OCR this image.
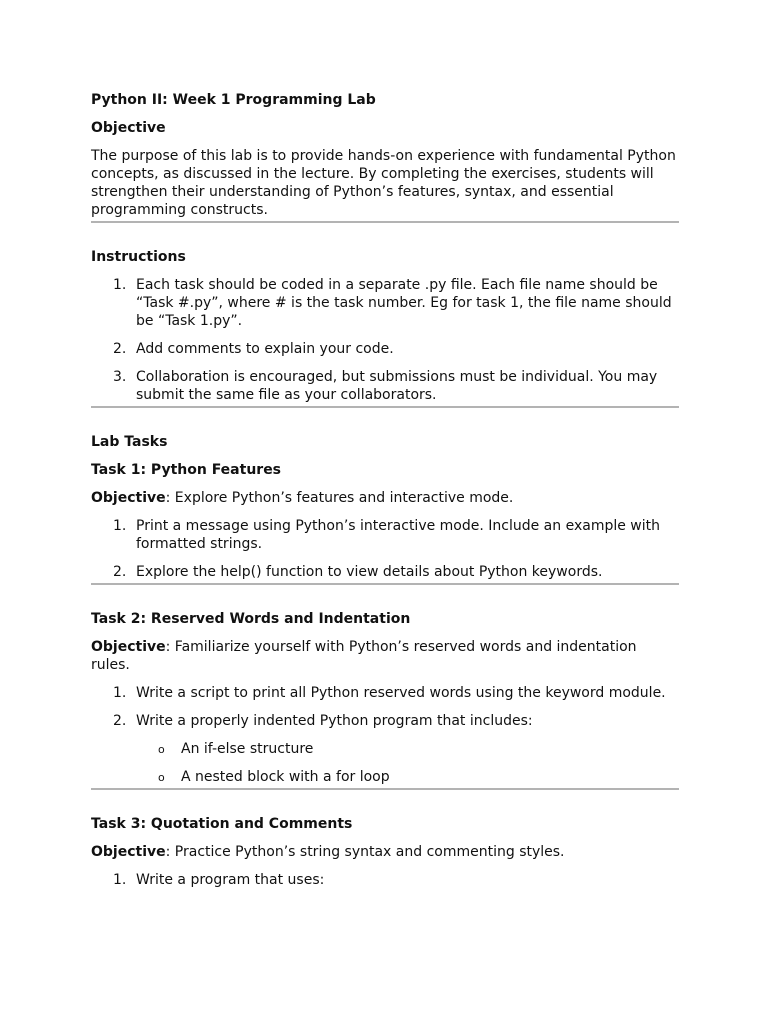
Python II: Week 1 Programming Lab

Objective

The purpose of this lab is to provide hands-on experience with fundamental Python concepts, as discussed in the lecture. By completing the exercises, students will strengthen their understanding of Python’s features, syntax, and essential programming constructs.

Instructions

1. Each task should be coded in a separate .py file. Each file name should be “Task #.py”, where # is the task number. Eg for task 1, the file name should be “Task 1.py”.
2. Add comments to explain your code.
3. Collaboration is encouraged, but submissions must be individual. You may submit the same file as your collaborators.

Lab Tasks

Task 1: Python Features

Objective: Explore Python’s features and interactive mode.

1. Print a message using Python’s interactive mode. Include an example with formatted strings.
2. Explore the help() function to view details about Python keywords.

Task 2: Reserved Words and Indentation

Objective: Familiarize yourself with Python’s reserved words and indentation rules.

1. Write a script to print all Python reserved words using the keyword module.
2. Write a properly indented Python program that includes:
o An if-else structure
o A nested block with a for loop

Task 3: Quotation and Comments

Objective: Practice Python’s string syntax and commenting styles.

1. Write a program that uses:
